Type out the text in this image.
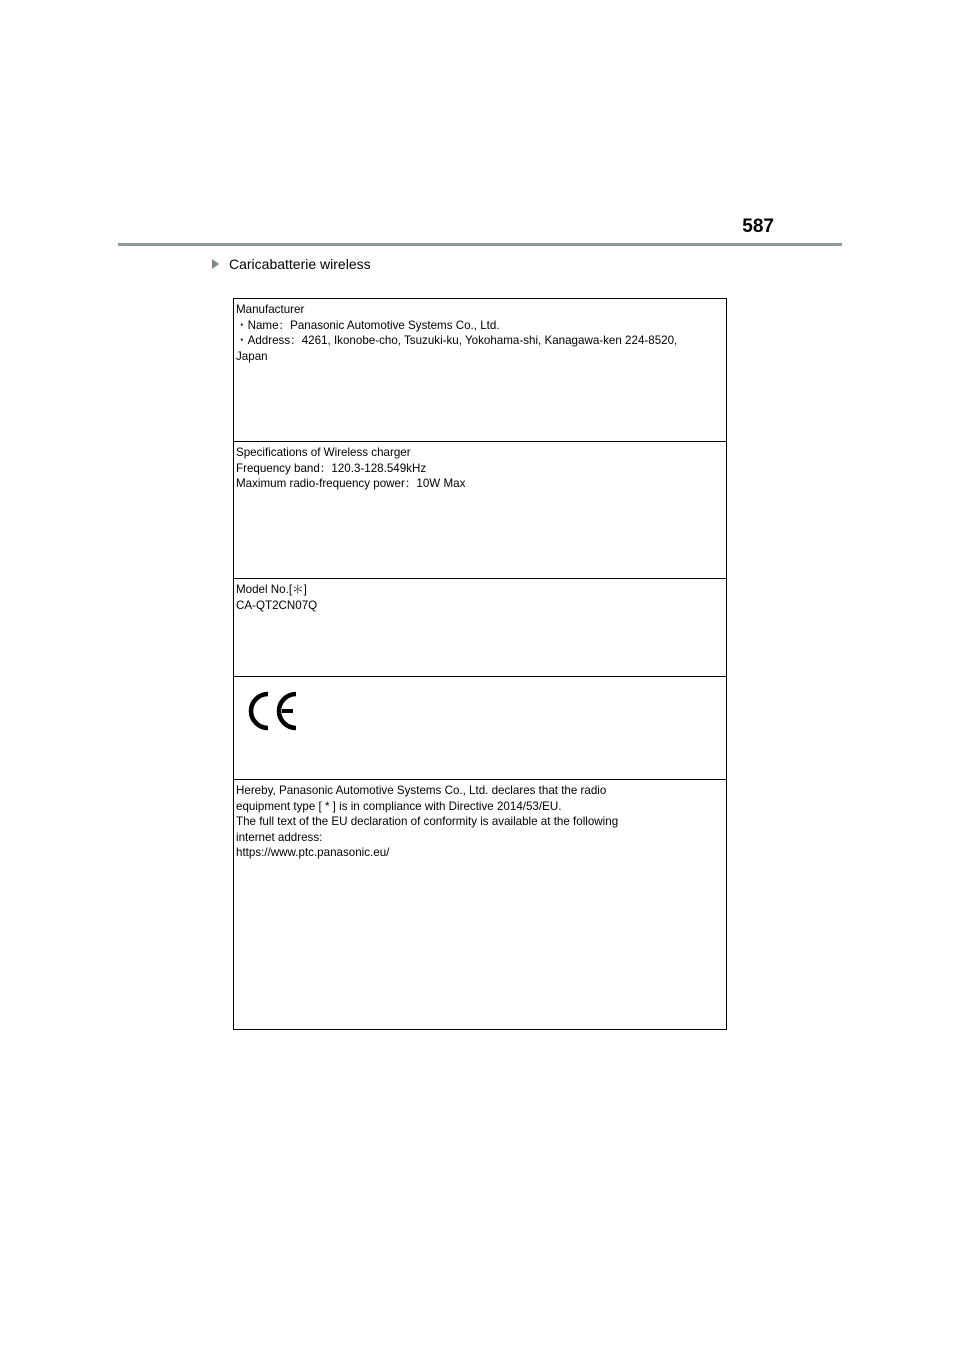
587
Caricabatterie wireless
Manufacturer
・Name：Panasonic Automotive Systems Co., Ltd.
・Address：4261, Ikonobe-cho, Tsuzuki-ku, Yokohama-shi, Kanagawa-ken 224-8520,
Japan
Specifications of Wireless charger
Frequency band：120.3-128.549kHz
Maximum radio-frequency power：10W Max
Model No.[＊]
CA-QT2CN07Q
Hereby, Panasonic Automotive Systems Co., Ltd. declares that the radio
equipment type [ * ] is in compliance with Directive 2014/53/EU.
The full text of the EU declaration of conformity is available at the following
internet address:
https://www.ptc.panasonic.eu/
